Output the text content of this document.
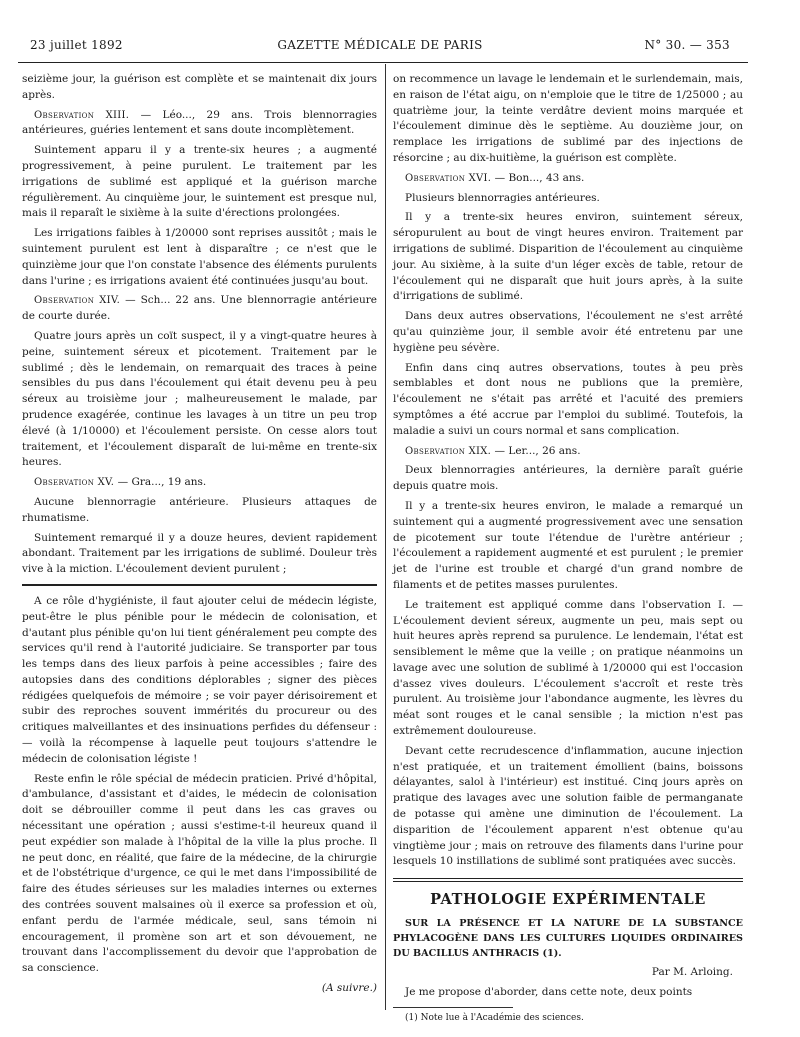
23 juillet 1892	GAZETTE MÉDICALE DE PARIS	N° 30. — 353

seizième jour, la guérison est complète et se maintenait dix jours après.

Observation XIII. — Léo..., 29 ans. Trois blennorragies antérieures, guéries lentement et sans doute incomplètement.

Suintement apparu il y a trente-six heures ; a augmenté progressivement, à peine purulent. Le traitement par les irrigations de sublimé est appliqué et la guérison marche régulièrement. Au cinquième jour, le suintement est presque nul, mais il reparaît le sixième à la suite d'érections prolongées.

Les irrigations faibles à 1/20000 sont reprises aussitôt ; mais le suintement purulent est lent à disparaître ; ce n'est que le quinzième jour que l'on constate l'absence des éléments purulents dans l'urine ; es irrigations avaient été continuées jusqu'au bout.

Observation XIV. — Sch... 22 ans. Une blennorragie antérieure de courte durée.

Quatre jours après un coït suspect, il y a vingt-quatre heures à peine, suintement séreux et picotement. Traitement par le sublimé ; dès le lendemain, on remarquait des traces à peine sensibles du pus dans l'écoulement qui était devenu peu à peu séreux au troisième jour ; malheureusement le malade, par prudence exagérée, continue les lavages à un titre un peu trop élevé (à 1/10000) et l'écoulement persiste. On cesse alors tout traitement, et l'écoulement disparaît de lui-même en trente-six heures.

Observation XV. — Gra..., 19 ans.

Aucune blennorragie antérieure. Plusieurs attaques de rhumatisme.

Suintement remarqué il y a douze heures, devient rapidement abondant. Traitement par les irrigations de sublimé. Douleur très vive à la miction. L'écoulement devient purulent ;

A ce rôle d'hygiéniste, il faut ajouter celui de médecin légiste, peut-être le plus pénible pour le médecin de colonisation, et d'autant plus pénible qu'on lui tient généralement peu compte des services qu'il rend à l'autorité judiciaire. Se transporter par tous les temps dans des lieux parfois à peine accessibles ; faire des autopsies dans des conditions déplorables ; signer des pièces rédigées quelquefois de mémoire ; se voir payer dérisoirement et subir des reproches souvent immérités du procureur ou des critiques malveillantes et des insinuations perfides du défenseur : — voilà la récompense à laquelle peut toujours s'attendre le médecin de colonisation légiste !

Reste enfin le rôle spécial de médecin praticien. Privé d'hôpital, d'ambulance, d'assistant et d'aides, le médecin de colonisation doit se débrouiller comme il peut dans les cas graves ou nécessitant une opération ; aussi s'estime-t-il heureux quand il peut expédier son malade à l'hôpital de la ville la plus proche. Il ne peut donc, en réalité, que faire de la médecine, de la chirurgie et de l'obstétrique d'urgence, ce qui le met dans l'impossibilité de faire des études sérieuses sur les maladies internes ou externes des contrées souvent malsaines où il exerce sa profession et où, enfant perdu de l'armée médicale, seul, sans témoin ni encouragement, il promène son art et son dévouement, ne trouvant dans l'accomplissement du devoir que l'approbation de sa conscience.

(A suivre.)

on recommence un lavage le lendemain et le surlendemain, mais, en raison de l'état aigu, on n'emploie que le titre de 1/25000 ; au quatrième jour, la teinte verdâtre devient moins marquée et l'écoulement diminue dès le septième. Au douzième jour, on remplace les irrigations de sublimé par des injections de résorcine ; au dix-huitième, la guérison est complète.

Observation XVI. — Bon..., 43 ans.

Plusieurs blennorragies antérieures.

Il y a trente-six heures environ, suintement séreux, séropurulent au bout de vingt heures environ. Traitement par irrigations de sublimé. Disparition de l'écoulement au cinquième jour. Au sixième, à la suite d'un léger excès de table, retour de l'écoulement qui ne disparaît que huit jours après, à la suite d'irrigations de sublimé.

Dans deux autres observations, l'écoulement ne s'est arrêté qu'au quinzième jour, il semble avoir été entretenu par une hygiène peu sévère.

Enfin dans cinq autres observations, toutes à peu près semblables et dont nous ne publions que la première, l'écoulement ne s'était pas arrêté et l'acuité des premiers symptômes a été accrue par l'emploi du sublimé. Toutefois, la maladie a suivi un cours normal et sans complication.

Observation XIX. — Ler..., 26 ans.

Deux blennorragies antérieures, la dernière paraît guérie depuis quatre mois.

Il y a trente-six heures environ, le malade a remarqué un suintement qui a augmenté progressivement avec une sensation de picotement sur toute l'étendue de l'urètre antérieur ; l'écoulement a rapidement augmenté et est purulent ; le premier jet de l'urine est trouble et chargé d'un grand nombre de filaments et de petites masses purulentes.

Le traitement est appliqué comme dans l'observation I. — L'écoulement devient séreux, augmente un peu, mais sept ou huit heures après reprend sa purulence. Le lendemain, l'état est sensiblement le même que la veille ; on pratique néanmoins un lavage avec une solution de sublimé à 1/20000 qui est l'occasion d'assez vives douleurs. L'écoulement s'accroît et reste très purulent. Au troisième jour l'abondance augmente, les lèvres du méat sont rouges et le canal sensible ; la miction n'est pas extrêmement douloureuse.

Devant cette recrudescence d'inflammation, aucune injection n'est pratiquée, et un traitement émollient (bains, boissons délayantes, salol à l'intérieur) est institué. Cinq jours après on pratique des lavages avec une solution faible de permanganate de potasse qui amène une diminution de l'écoulement. La disparition de l'écoulement apparent n'est obtenue qu'au vingtième jour ; mais on retrouve des filaments dans l'urine pour lesquels 10 instillations de sublimé sont pratiquées avec succès.

PATHOLOGIE EXPÉRIMENTALE

SUR LA PRÉSENCE ET LA NATURE DE LA SUBSTANCE PHYLACOGÈNE DANS LES CULTURES LIQUIDES ORDINAIRES DU BACILLUS ANTHRACIS (1).

Par M. Arloing.

Je me propose d'aborder, dans cette note, deux points

(1) Note lue à l'Académie des sciences.
